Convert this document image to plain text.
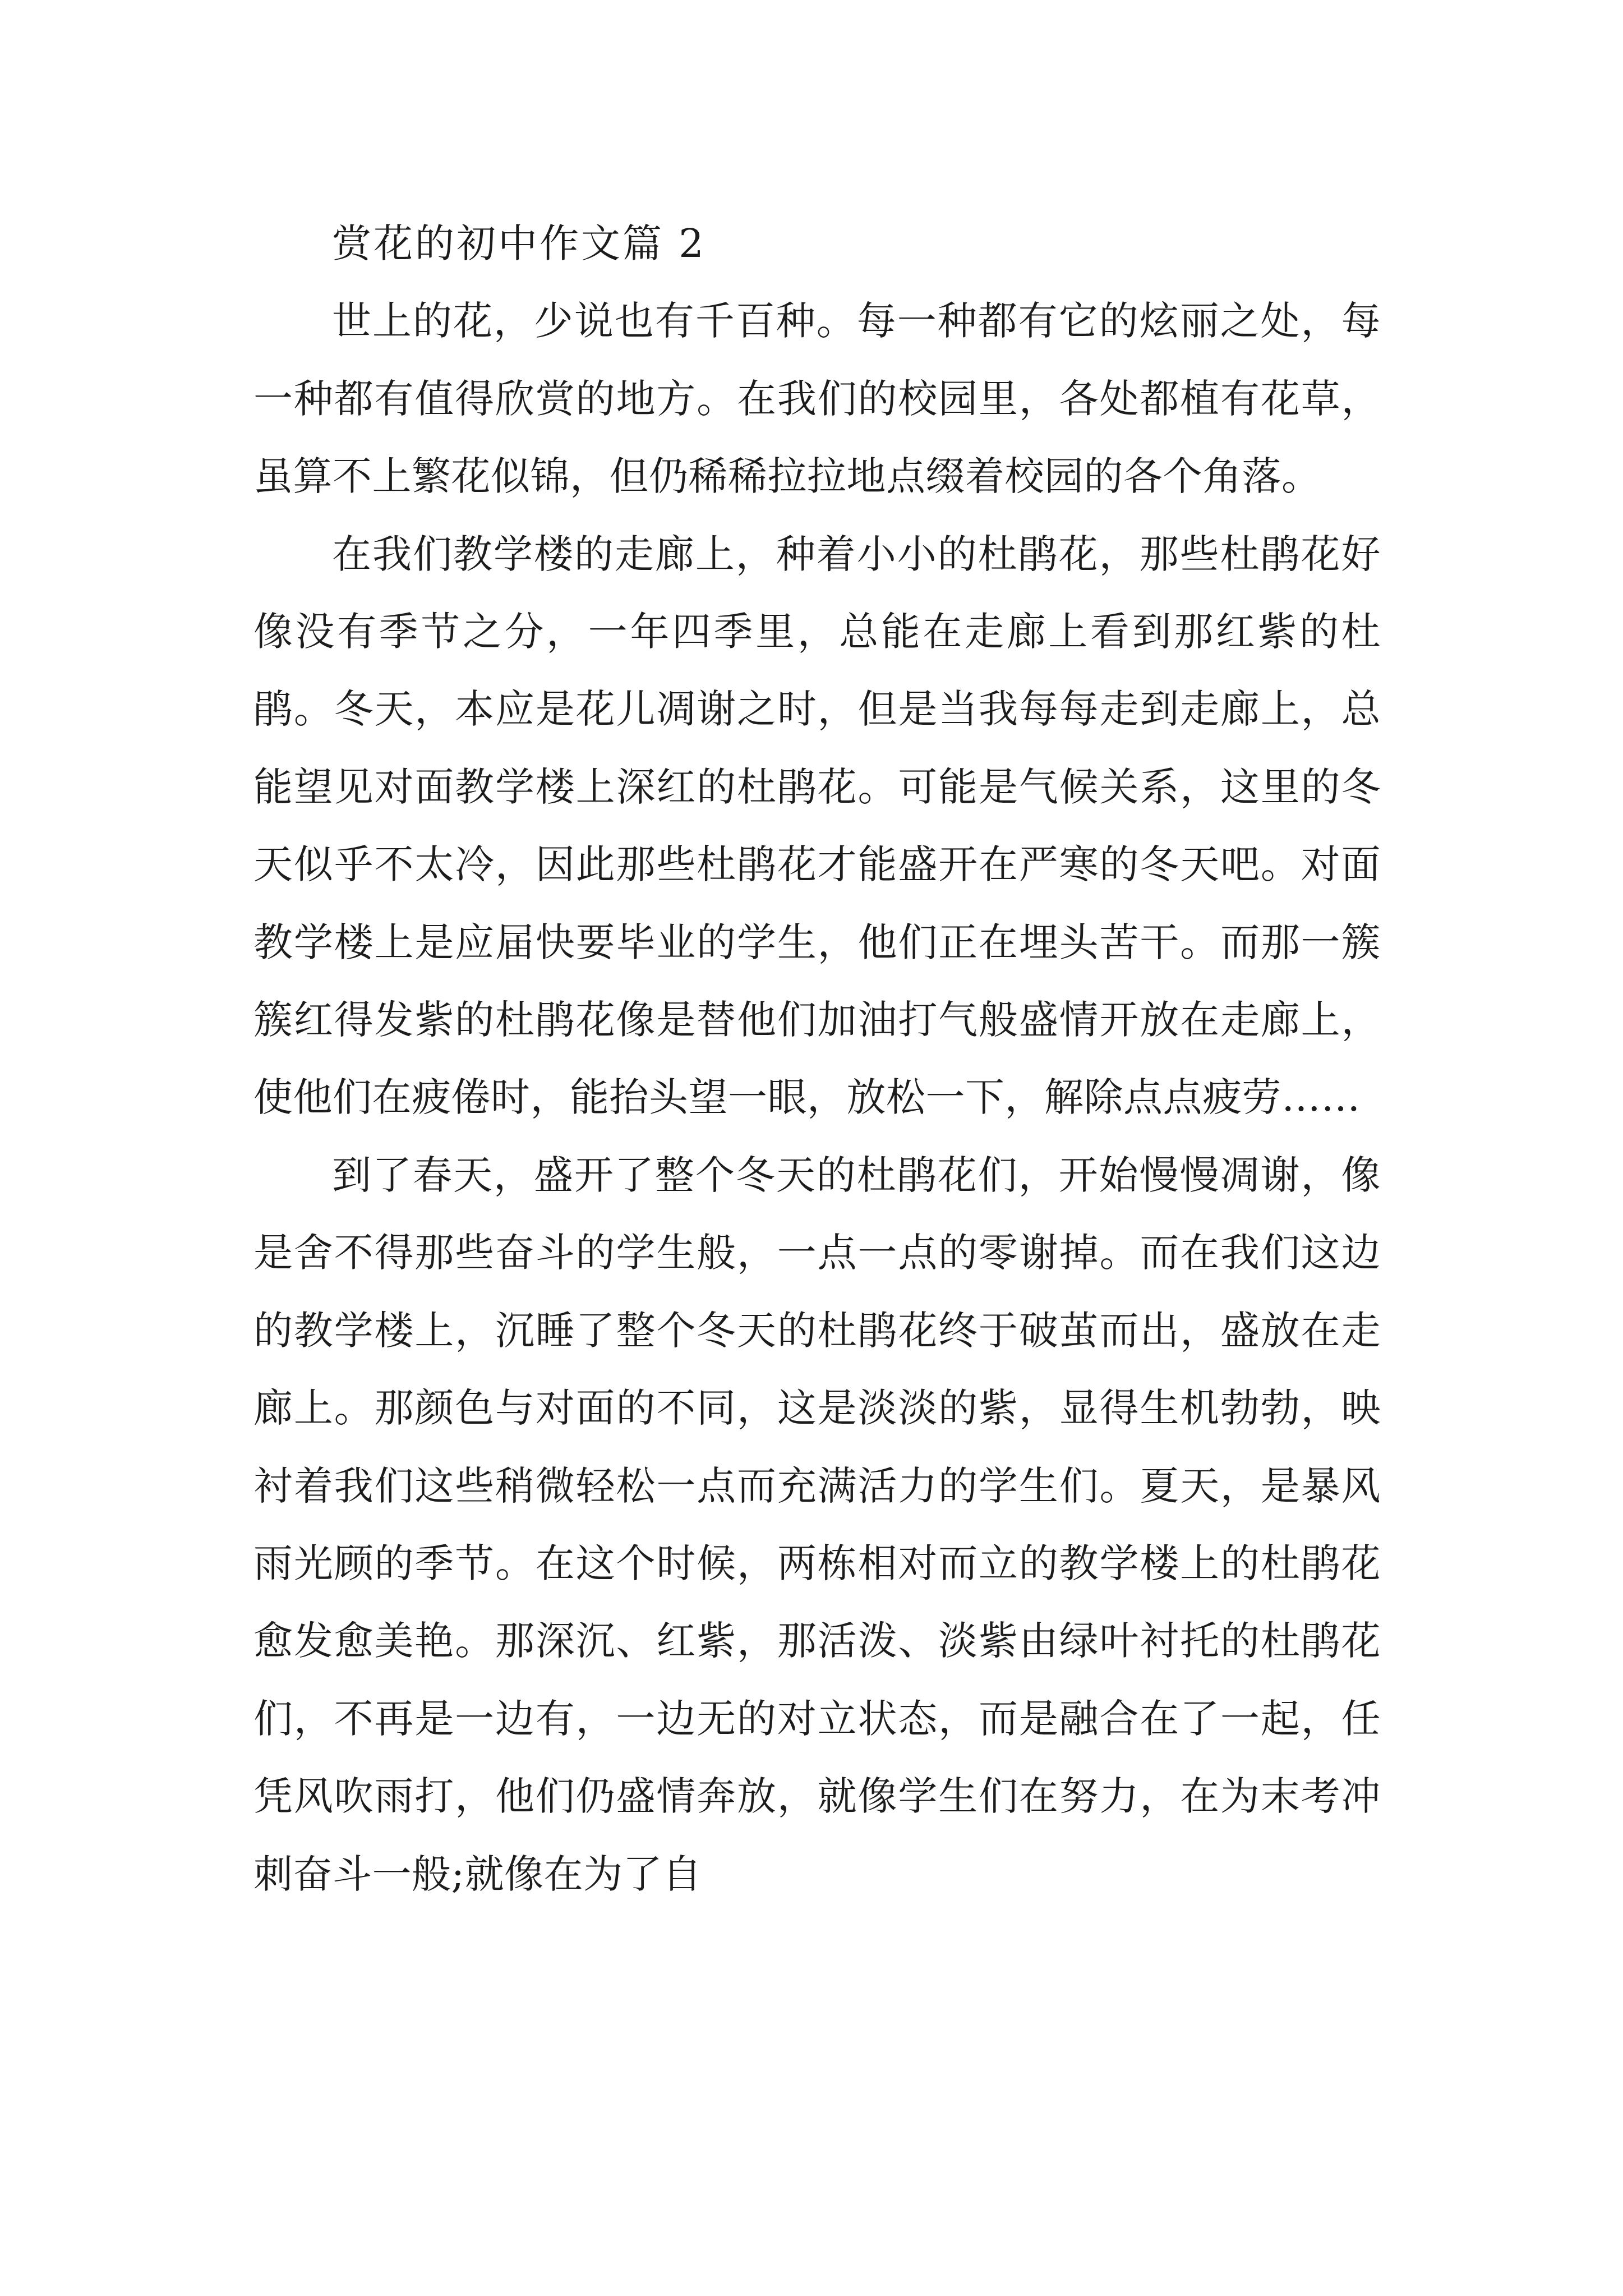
赏花的初中作文篇 2

世上的花，少说也有千百种。每一种都有它的炫丽之处，每一种都有值得欣赏的地方。在我们的校园里，各处都植有花草，虽算不上繁花似锦，但仍稀稀拉拉地点缀着校园的各个角落。

在我们教学楼的走廊上，种着小小的杜鹃花，那些杜鹃花好像没有季节之分，一年四季里，总能在走廊上看到那红紫的杜鹃。冬天，本应是花儿凋谢之时，但是当我每每走到走廊上，总能望见对面教学楼上深红的杜鹃花。可能是气候关系，这里的冬天似乎不太冷，因此那些杜鹃花才能盛开在严寒的冬天吧。对面教学楼上是应届快要毕业的学生，他们正在埋头苦干。而那一簇簇红得发紫的杜鹃花像是替他们加油打气般盛情开放在走廊上，使他们在疲倦时，能抬头望一眼，放松一下，解除点点疲劳……

到了春天，盛开了整个冬天的杜鹃花们，开始慢慢凋谢，像是舍不得那些奋斗的学生般，一点一点的零谢掉。而在我们这边的教学楼上，沉睡了整个冬天的杜鹃花终于破茧而出，盛放在走廊上。那颜色与对面的不同，这是淡淡的紫，显得生机勃勃，映衬着我们这些稍微轻松一点而充满活力的学生们。夏天，是暴风雨光顾的季节。在这个时候，两栋相对而立的教学楼上的杜鹃花愈发愈美艳。那深沉、红紫，那活泼、淡紫由绿叶衬托的杜鹃花们，不再是一边有，一边无的对立状态，而是融合在了一起，任凭风吹雨打，他们仍盛情奔放，就像学生们在努力，在为末考冲刺奋斗一般;就像在为了自
